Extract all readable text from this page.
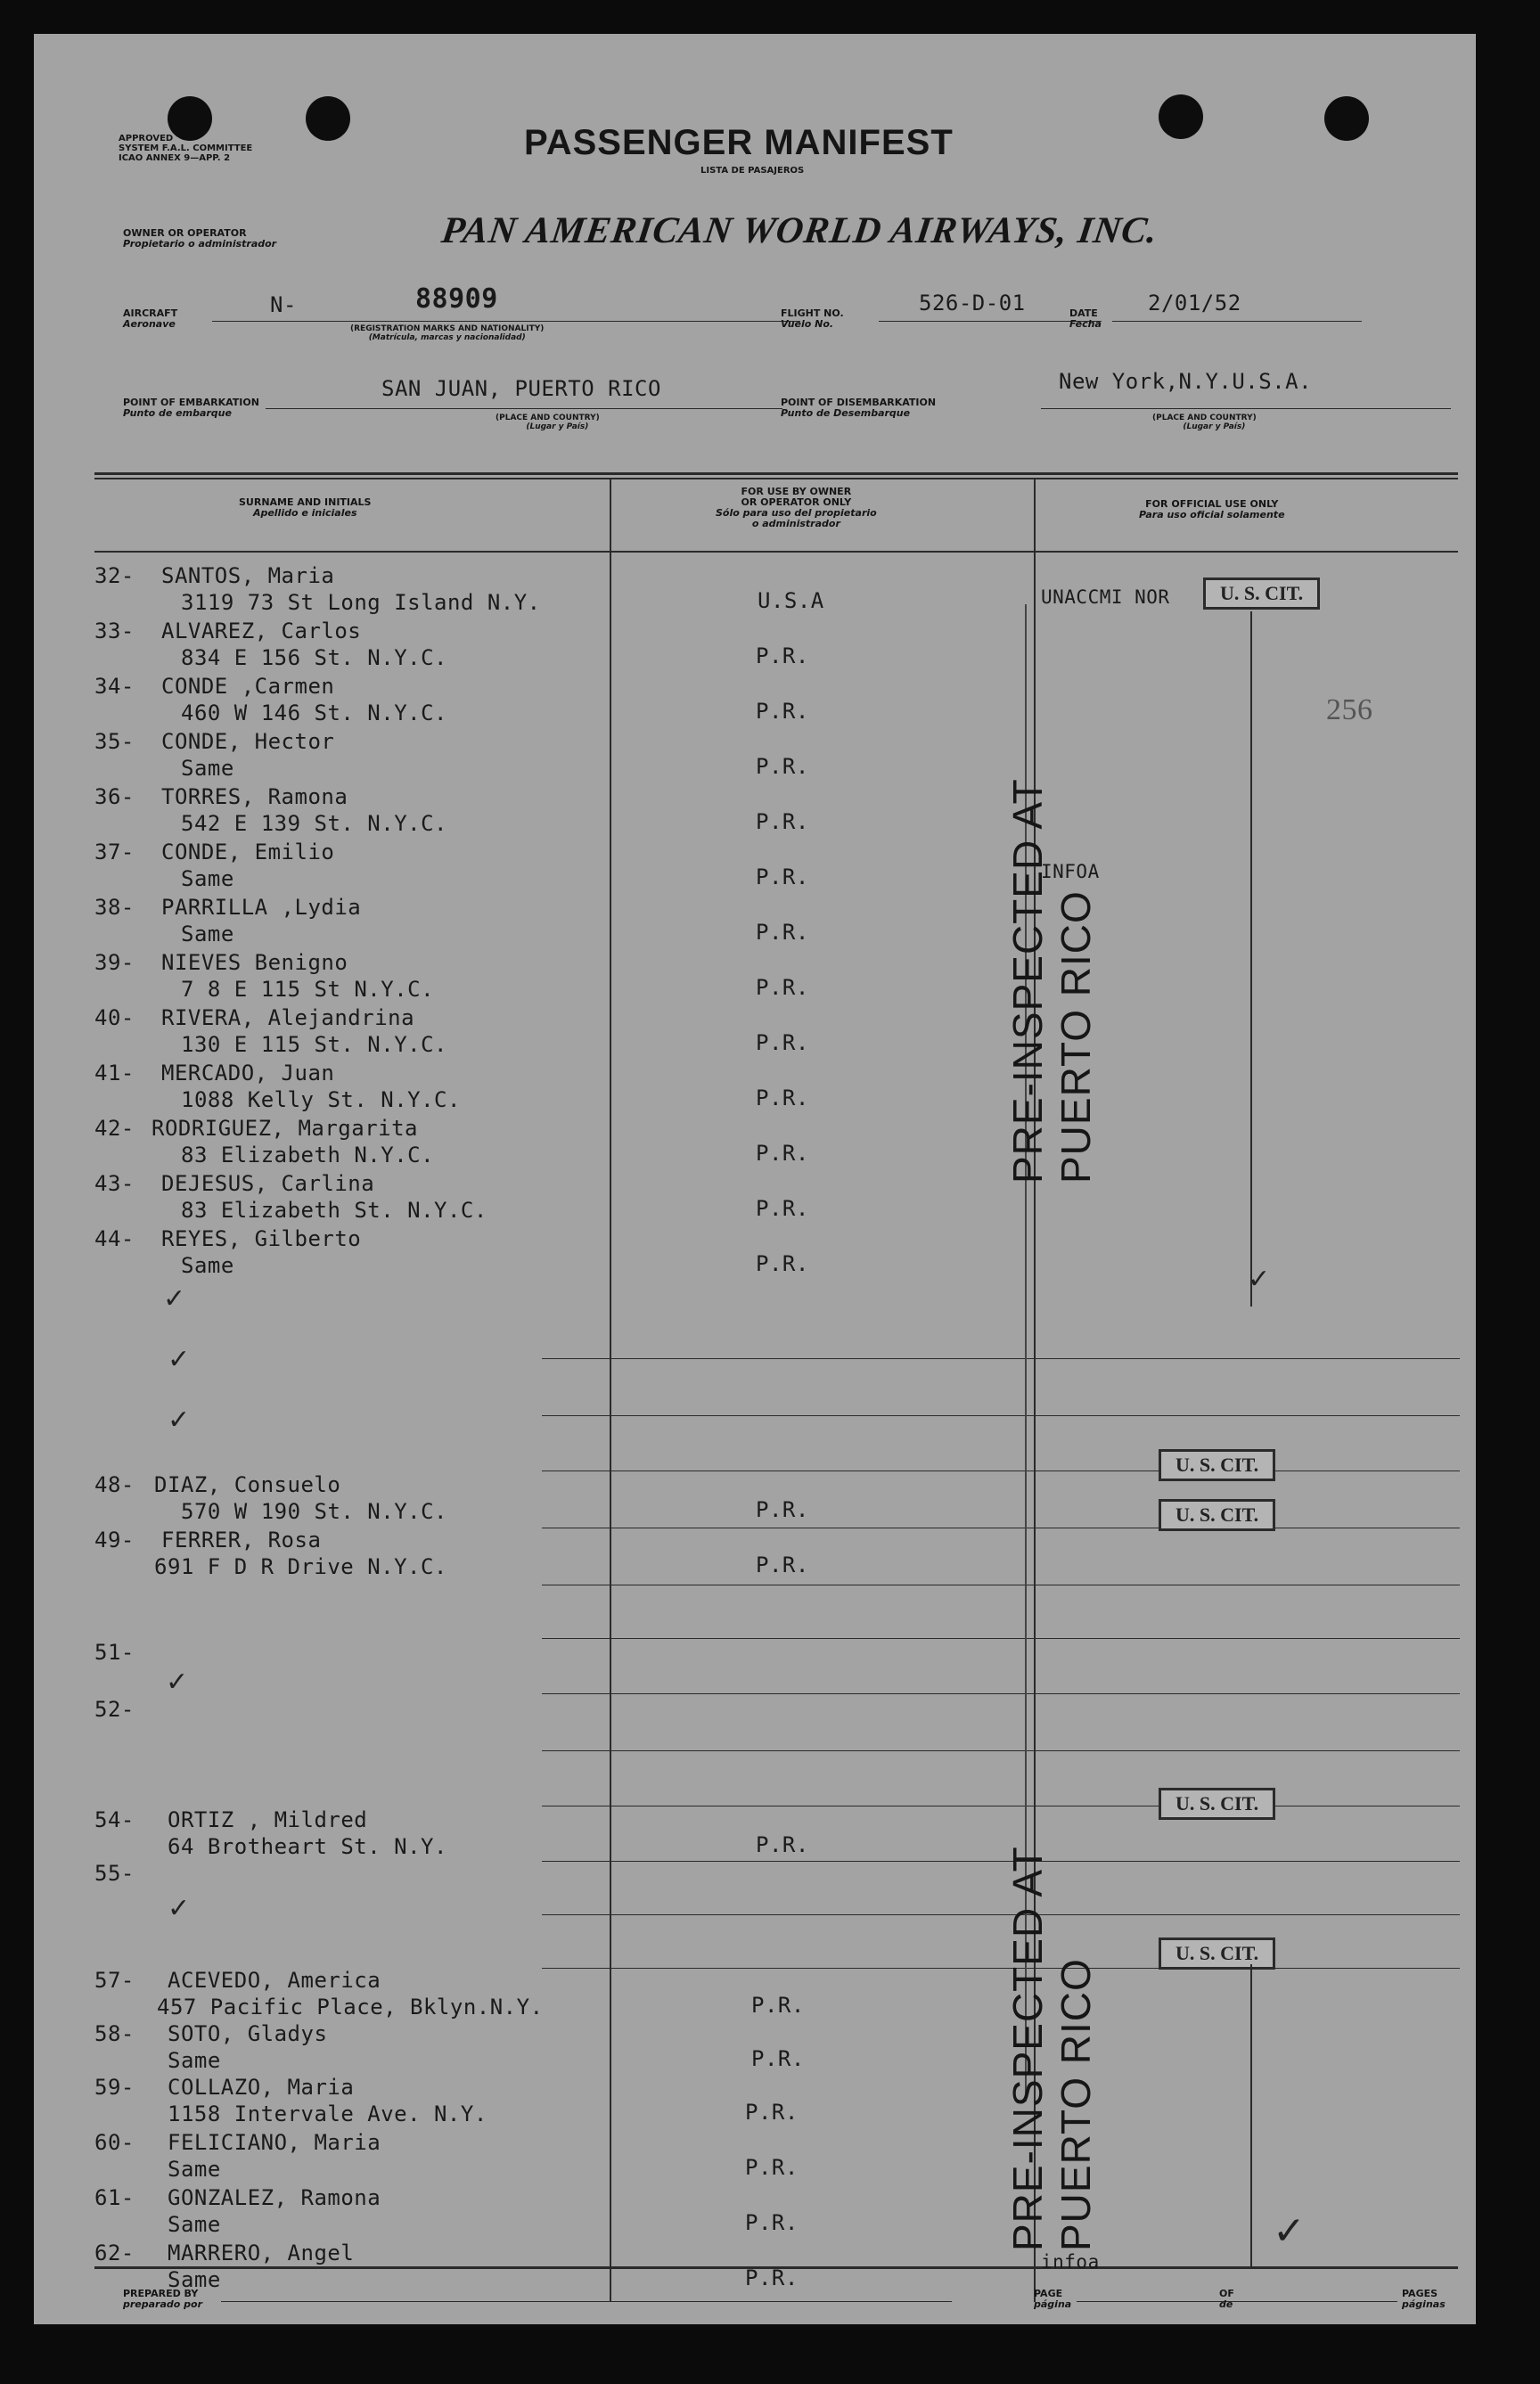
APPROVED
SYSTEM F.A.L. COMMITTEE
ICAO ANNEX 9—APP. 2	PASSENGER MANIFEST
LISTA DE PASAJEROS
OWNER OR OPERATOR
Propietario o administrador	PAN AMERICAN WORLD AIRWAYS, INC.
AIRCRAFT
Aeronave
N-	88909
(REGISTRATION MARKS AND NATIONALITY)
(Matrícula, marcas y nacionalidad)
FLIGHT NO.
Vuelo No.
526-D-01	DATE
Fecha
2/01/52
POINT OF EMBARKATION
Punto de embarque
SAN JUAN, PUERTO RICO
(PLACE AND COUNTRY)
(Lugar y País)
POINT OF DISEMBARKATION
Punto de Desembarque
New York,N.Y.U.S.A.
(PLACE AND COUNTRY)
(Lugar y País)
SURNAME AND INITIALS
Apellido e iniciales
FOR USE BY OWNER
OR OPERATOR ONLY
Sólo para uso del propietario
o administrador
FOR OFFICIAL USE ONLY
Para uso oficial solamente
32- SANTOS, Maria
3119 73 St Long Island N.Y.	U.S.A
33- ALVAREZ, Carlos
834 E 156 St. N.Y.C.	P.R.
34- CONDE ,Carmen
460 W 146 St. N.Y.C.	P.R.
35- CONDE, Hector
Same	P.R.
36- TORRES, Ramona
542 E 139 St. N.Y.C.	P.R.
37- CONDE, Emilio
Same	P.R.
38- PARRILLA ,Lydia
Same	P.R.
39- NIEVES Benigno
7 8 E 115 St N.Y.C.	P.R.
40- RIVERA, Alejandrina
130 E 115 St. N.Y.C.	P.R.
41- MERCADO, Juan
1088 Kelly St. N.Y.C.	P.R.
42- RODRIGUEZ, Margarita
83 Elizabeth N.Y.C.	P.R.
43- DEJESUS, Carlina
83 Elizabeth St. N.Y.C.	P.R.
44- REYES, Gilberto
Same	P.R.
48- DIAZ, Consuelo
570 W 190 St. N.Y.C.	P.R.
49- FERRER, Rosa
691 F D R Drive N.Y.C.	P.R.
51-
52-
54- ORTIZ , Mildred
64 Brotheart St. N.Y.	P.R.
55-
57- ACEVEDO, America
457 Pacific Place, Bklyn.N.Y.	P.R.
58- SOTO, Gladys
Same	P.R.
59- COLLAZO, Maria
1158 Intervale Ave. N.Y.	P.R.
60- FELICIANO, Maria
Same	P.R.
61- GONZALEZ, Ramona
Same	P.R.
62- MARRERO, Angel
Same	P.R.
✓
✓
✓
✓
✓
UNACCMI NOR	U. S. CIT.
256
INFOA
✓
U. S. CIT.
U. S. CIT.
U. S. CIT.
U. S. CIT.
✓
infoa
PRE-INSPECTED AT PUERTO RICO
PRE-INSPECTED AT PUERTO RICO
PREPARED BY
preparado por
PAGE
página
OF
de
PAGES
páginas
